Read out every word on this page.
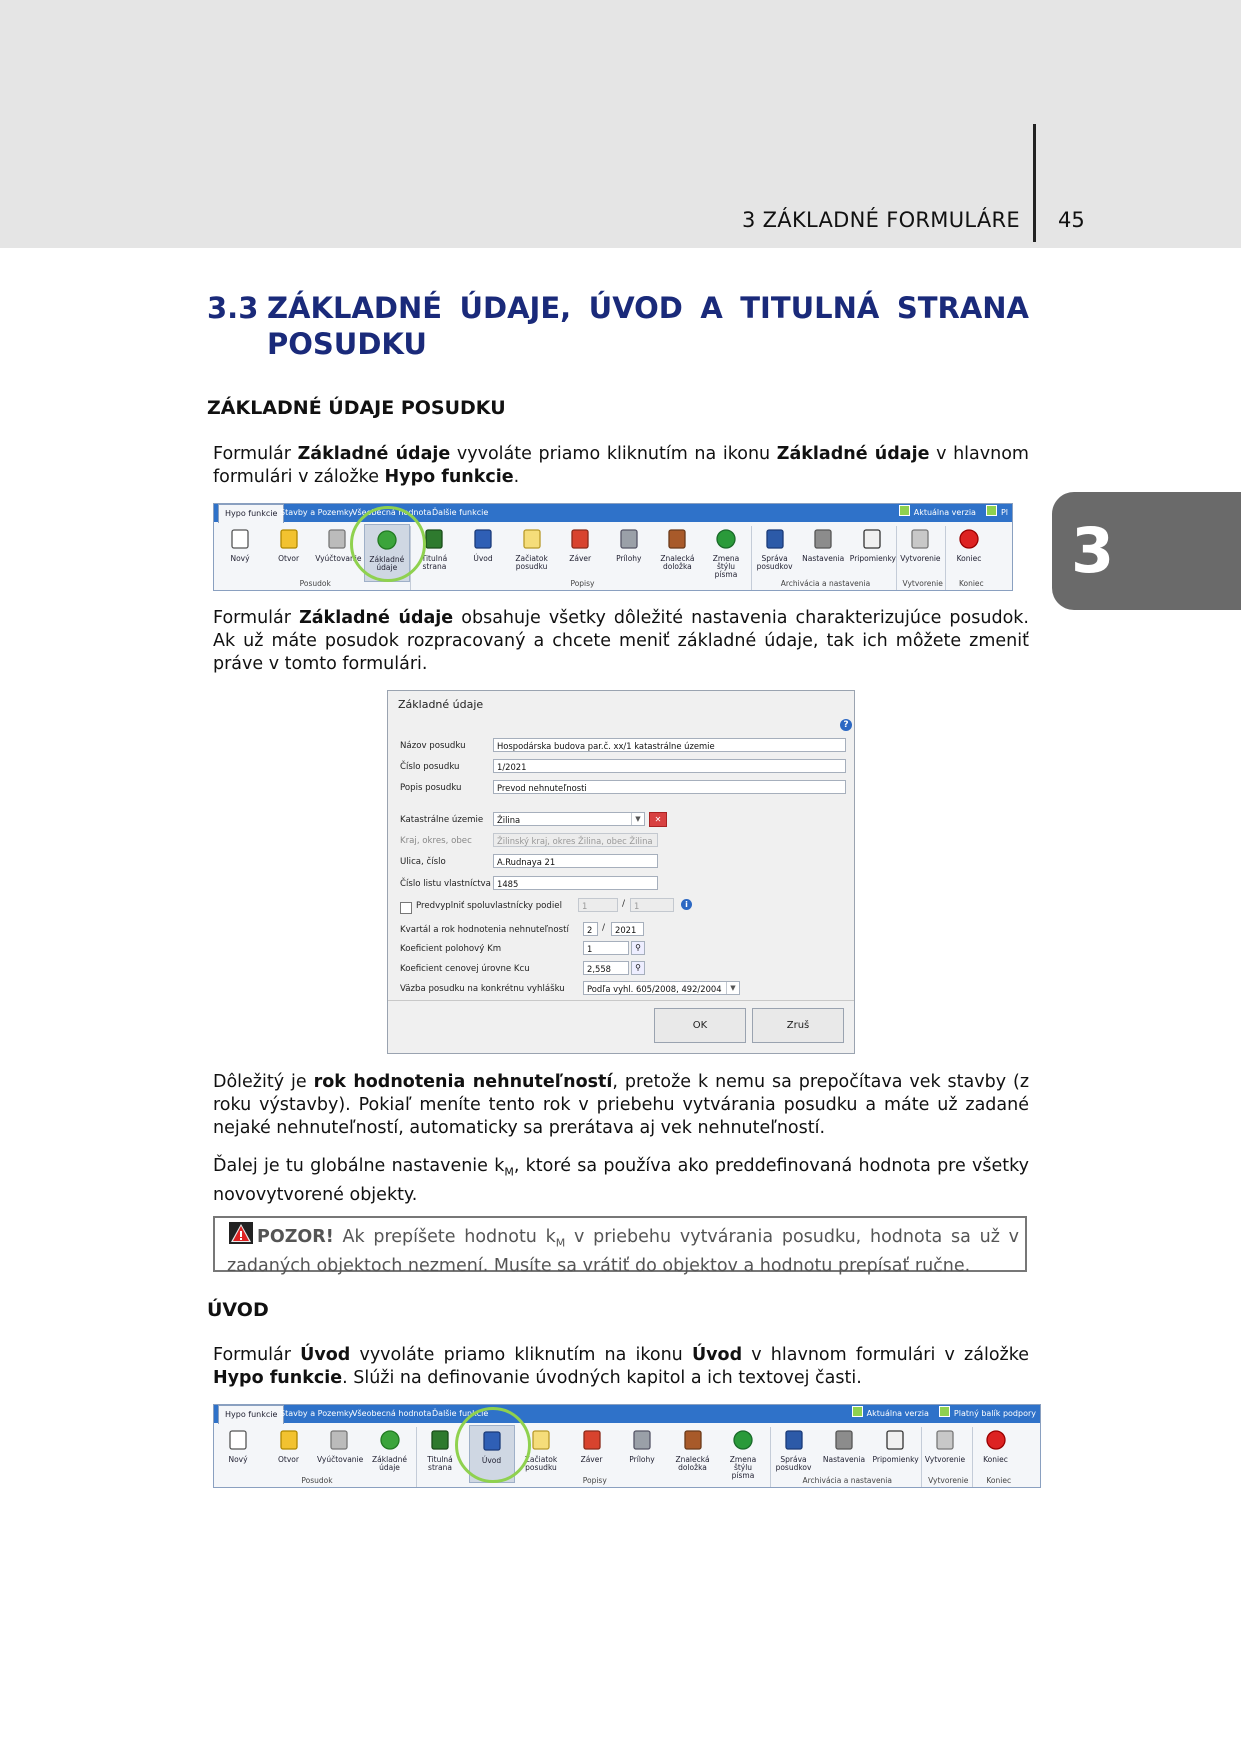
3 ZÁKLADNÉ FORMULÁRE 45
3
3.3 ZÁKLADNÉ ÚDAJE, ÚVOD A TITULNÁ STRANA
POSUDKU
ZÁKLADNÉ ÚDAJE POSUDKU
Formulár Základné údaje vyvoláte priamo kliknutím na ikonu Základné údaje v hlavnom formulári v záložke Hypo funkcie.
Hypo funkcie Stavby a Pozemky
Všeobecná hodnota Ďalšie funkcie	Aktuálna verzia	Pl
Nový	Otvor	Vyúčtovanie	Základné
údaje
Titulná
strana
Úvod	Začiatok
posudku
Záver	Prílohy	Znalecká
doložka
Zmena štýlu
písma
Správa
posudkov
Nastavenia Pripomienky Vytvorenie	Koniec
Posudok	Popisy	Archivácia a nastavenia	Vytvorenie	Koniec
Formulár Základné údaje obsahuje všetky dôležité nastavenia charakterizujúce posudok. Ak už máte posudok rozpracovaný a chcete meniť základné údaje, tak ich môžete zmeniť práve v tomto formulári.
Základné údaje
?
Názov posudku	Hospodárska budova par.č. xx/1 katastrálne územie
Číslo posudku	1/2021
Popis posudku	Prevod nehnuteľnosti
Katastrálne územie	Žilina	▼	✕
Kraj, okres, obec	Žilinský kraj, okres Žilina, obec Žilina
Ulica, číslo	A.Rudnaya 21
Číslo listu vlastníctva 1485
Predvyplniť spoluvlastnícky podiel	1	/	1	i
Kvartál a rok hodnotenia nehnuteľností	2	/	2021
Koeficient polohový Km	1	⚲
Koeficient cenovej úrovne Kcu	2,558	⚲
Väzba posudku na konkrétnu vyhlášku	Podľa vyhl. 605/2008, 492/2004	▼
OK	Zruš
Dôležitý je rok hodnotenia nehnuteľností, pretože k nemu sa prepočítava vek stavby (z roku výstavby). Pokiaľ meníte tento rok v priebehu vytvárania posudku a máte už zadané nejaké nehnuteľností, automaticky sa prerátava aj vek nehnuteľností.
Ďalej je tu globálne nastavenie $k_M$, ktoré sa používa ako preddefinovaná hodnota pre všetky novovytvorené objekty.
POZOR! Ak prepíšete hodnotu $k_M$ v priebehu vytvárania posudku, hodnota sa už v zadaných objektoch nezmení. Musíte sa vrátiť do objektov a hodnotu prepísať ručne.
ÚVOD
Formulár Úvod vyvoláte priamo kliknutím na ikonu Úvod v hlavnom formulári v záložke Hypo funkcie. Slúži na definovanie úvodných kapitol a ich textovej časti.
Hypo funkcie Stavby a Pozemky
Všeobecná hodnota Ďalšie funkcie	Aktuálna verzia	Platný balík podpory
Nový	Otvor	Vyúčtovanie	Základné
údaje
Titulná
strana
Úvod	Začiatok
posudku
Záver	Prílohy	Znalecká
doložka
Zmena štýlu
písma
Správa
posudkov
Nastavenia Pripomienky Vytvorenie	Koniec
Posudok	Popisy	Archivácia a nastavenia	Vytvorenie	Koniec
